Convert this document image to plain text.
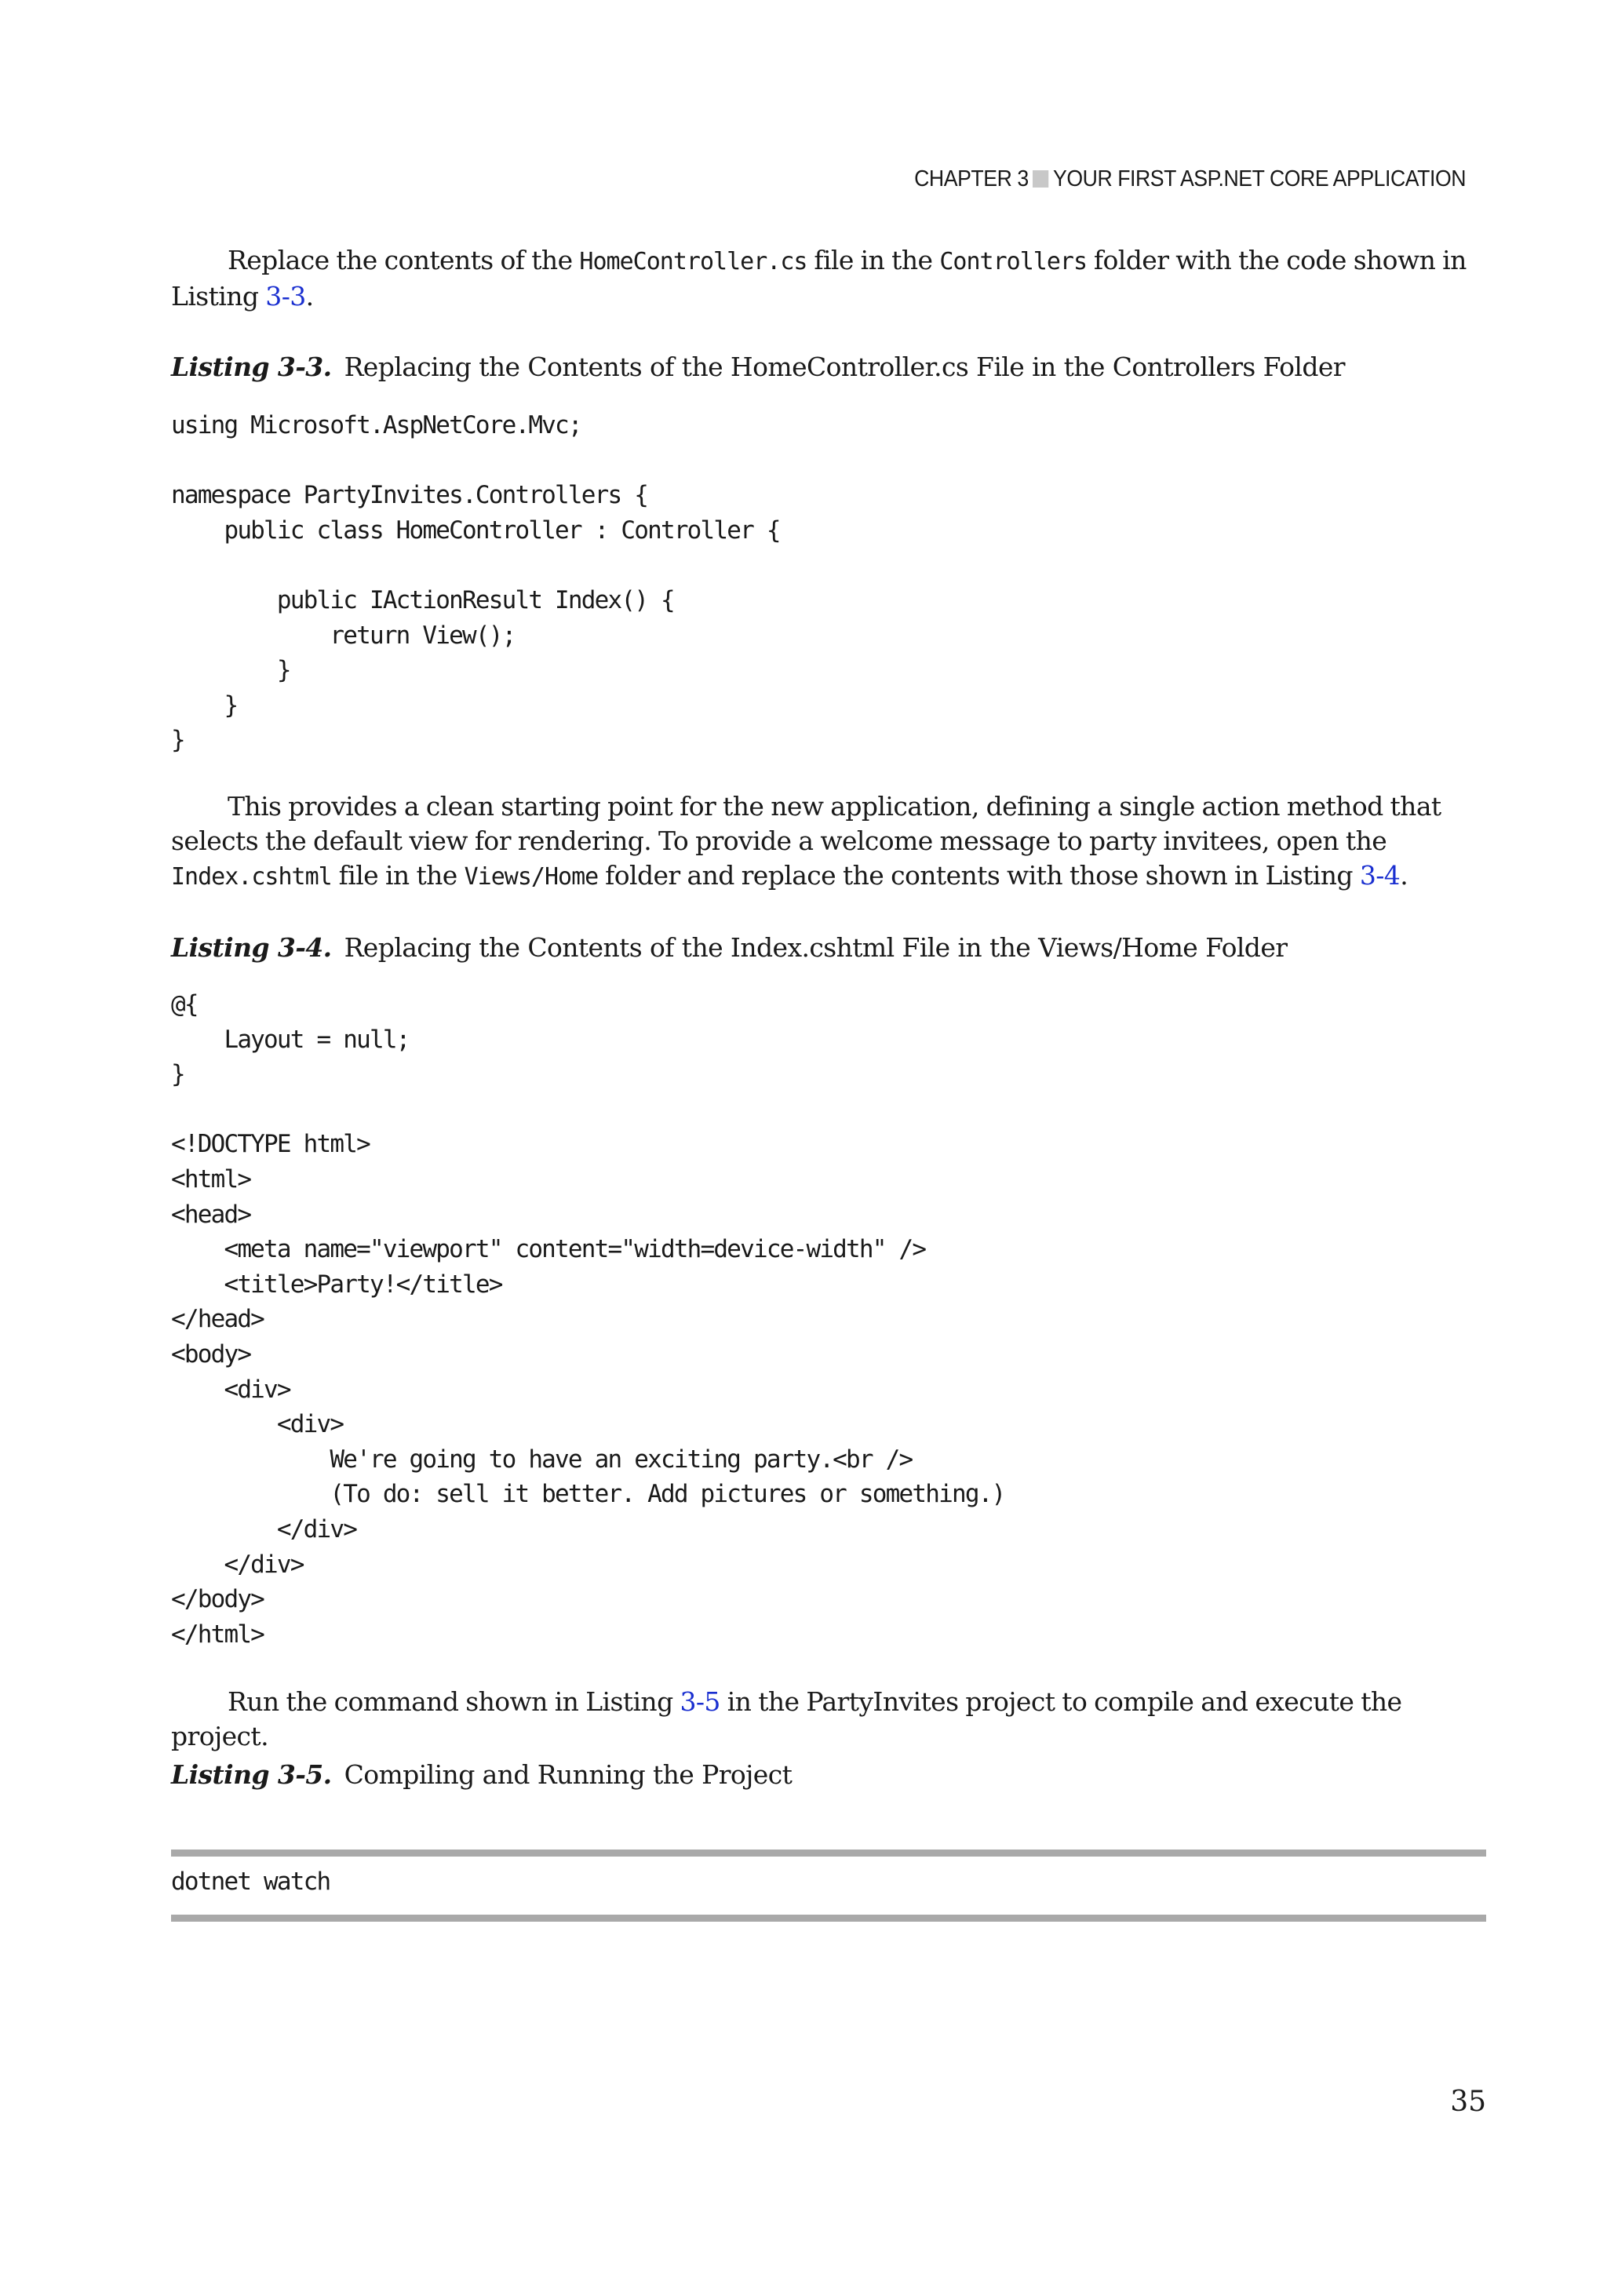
CHAPTER 3 YOUR FIRST ASP.NET CORE APPLICATION

Replace the contents of the HomeController.cs file in the Controllers folder with the code shown in Listing 3-3.

Listing 3-3. Replacing the Contents of the HomeController.cs File in the Controllers Folder

using Microsoft.AspNetCore.Mvc;

namespace PartyInvites.Controllers {
public class HomeController : Controller {

public IActionResult Index() {
return View();
}
}
}

This provides a clean starting point for the new application, defining a single action method that selects the default view for rendering. To provide a welcome message to party invitees, open the Index.cshtml file in the Views/Home folder and replace the contents with those shown in Listing 3-4.

Listing 3-4. Replacing the Contents of the Index.cshtml File in the Views/Home Folder

@{
Layout = null;
}

<!DOCTYPE html>
<html>
<head>
<meta name="viewport" content="width=device-width" />
<title>Party!</title>
</head>
<body>
<div>
<div>
We're going to have an exciting party.<br />
(To do: sell it better. Add pictures or something.)
</div>
</div>
</body>
</html>

Run the command shown in Listing 3-5 in the PartyInvites project to compile and execute the project.

Listing 3-5. Compiling and Running the Project

dotnet watch
35
